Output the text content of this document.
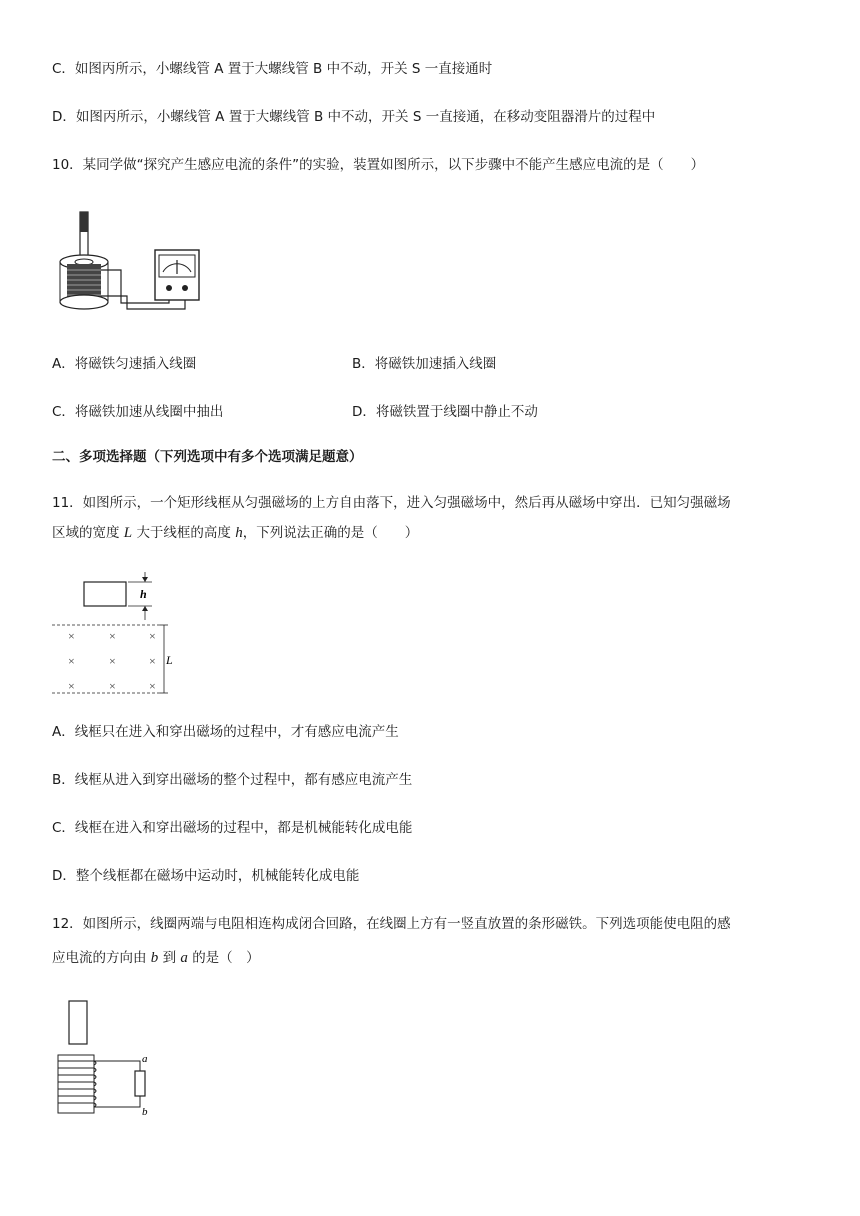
C．如图丙所示，小螺线管 A 置于大螺线管 B 中不动，开关 S 一直接通时
D．如图丙所示，小螺线管 A 置于大螺线管 B 中不动，开关 S 一直接通，在移动变阻器滑片的过程中
10．某同学做“探究产生感应电流的条件”的实验，装置如图所示，以下步骤中不能产生感应电流的是（　　）
A．将磁铁匀速插入线圈	B．将磁铁加速插入线圈
C．将磁铁加速从线圈中抽出	D．将磁铁置于线圈中静止不动
二、多项选择题（下列选项中有多个选项满足题意）
11．如图所示，一个矩形线框从匀强磁场的上方自由落下，进入匀强磁场中，然后再从磁场中穿出．已知匀强磁场
区域的宽度 L 大于线框的高度 h，下列说法正确的是（　　）
h
L
×	×	×
×	×	×
×	×	×
A．线框只在进入和穿出磁场的过程中，才有感应电流产生
B．线框从进入到穿出磁场的整个过程中，都有感应电流产生
C．线框在进入和穿出磁场的过程中，都是机械能转化成电能
D．整个线框都在磁场中运动时，机械能转化成电能
12．如图所示，线圈两端与电阻相连构成闭合回路，在线圈上方有一竖直放置的条形磁铁。下列选项能使电阻的感
应电流的方向由 b 到 a 的是（　）
a
b
